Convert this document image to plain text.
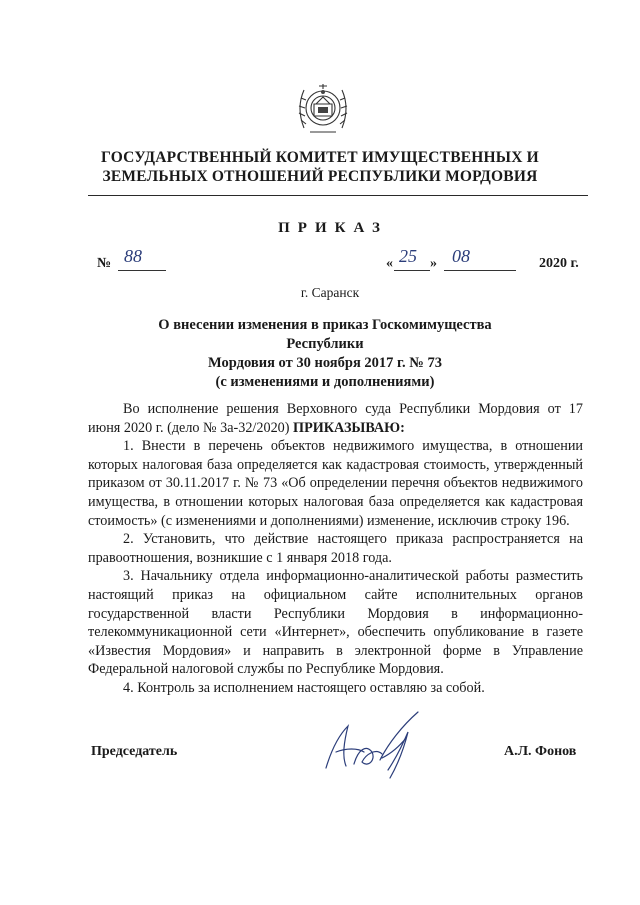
ГОСУДАРСТВЕННЫЙ КОМИТЕТ ИМУЩЕСТВЕННЫХ И
ЗЕМЕЛЬНЫХ ОТНОШЕНИЙ РЕСПУБЛИКИ МОРДОВИЯ
ПРИКАЗ
№ 88	« 25 » 08	2020 г.
г. Саранск
О внесении изменения в приказ Госкомимущества Республики
Мордовия от 30 ноября 2017 г. № 73
(с изменениями и дополнениями)

Во исполнение решения Верховного суда Республики Мордовия от 17 июня 2020 г. (дело № 3а-32/2020) ПРИКАЗЫВАЮ:

1. Внести в перечень объектов недвижимого имущества, в отношении которых налоговая база определяется как кадастровая стоимость, утвержденный приказом от 30.11.2017 г. № 73 «Об определении перечня объектов недвижимого имущества, в отношении которых налоговая база определяется как кадастровая стоимость» (с изменениями и дополнениями) изменение, исключив строку 196.

2. Установить, что действие настоящего приказа распространяется на правоотношения, возникшие с 1 января 2018 года.

3. Начальнику отдела информационно-аналитической работы разместить настоящий приказ на официальном сайте исполнительных органов государственной власти Республики Мордовия в информационно-телекоммуникационной сети «Интернет», обеспечить опубликование в газете «Известия Мордовия» и направить в электронной форме в Управление Федеральной налоговой службы по Республике Мордовия.

4. Контроль за исполнением настоящего оставляю за собой.

Председатель	А.Л. Фонов
